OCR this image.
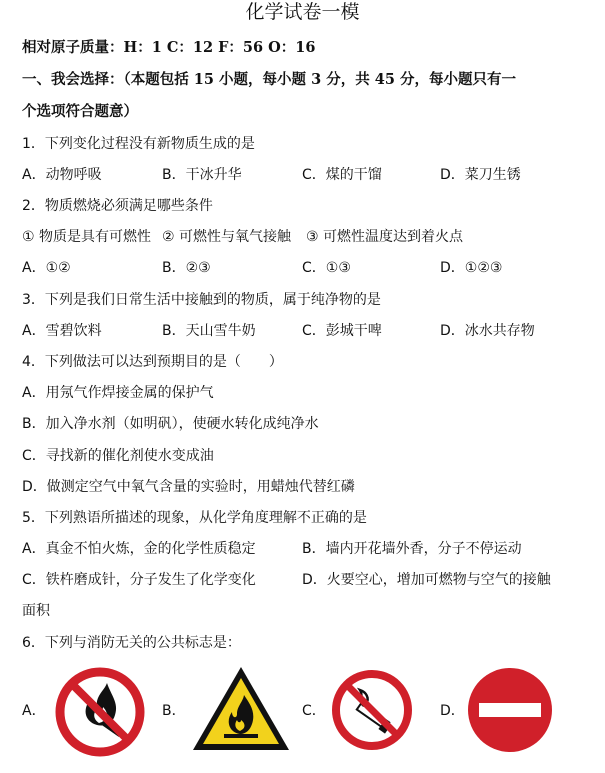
化学试卷一模
相对原子质量：H：1 C：12 F：56 O：16
一、我会选择：（本题包括 15 小题，每小题 3 分，共 45 分，每小题只有一
个选项符合题意）
1．下列变化过程没有新物质生成的是
A．动物呼吸	B．干冰升华	C．煤的干馏	D．菜刀生锈
2．物质燃烧必须满足哪些条件
① 物质是具有可燃性 ② 可燃性与氧气接触 ③ 可燃性温度达到着火点
A．①②	B．②③	C．①③	D．①②③
3．下列是我们日常生活中接触到的物质，属于纯净物的是
A．雪碧饮料	B．天山雪牛奶	C．彭城干啤	D．冰水共存物
4．下列做法可以达到预期目的是（　　）
A．用氖气作焊接金属的保护气
B．加入净水剂（如明矾），使硬水转化成纯净水
C．寻找新的催化剂使水变成油
D．做测定空气中氧气含量的实验时，用蜡烛代替红磷
5．下列熟语所描述的现象，从化学角度理解不正确的是
A．真金不怕火炼，金的化学性质稳定	B．墙内开花墙外香，分子不停运动
C．铁杵磨成针，分子发生了化学变化	D．火要空心，增加可燃物与空气的接触
面积
6．下列与消防无关的公共标志是：
A．	B．	C．	D．
